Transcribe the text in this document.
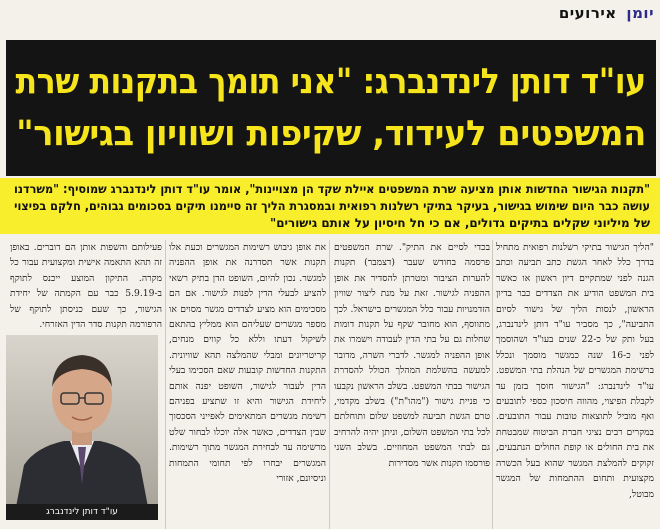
יומן אירועים
עו"ד דותן לינדנברג: "אני תומך בתקנות שרת
המשפטים לעידוד, שקיפות ושוויון בגישור"
"תקנות הגישור החדשות אותן מציעה שרת המשפטים איילת שקד הן מצויינות", אומר עו"ד דותן לינדנברג שמוסיף: "משרדנו
עושה כבר היום שימוש בגישור, בעיקר בתיקי רשלנות רפואית ובמסגרת הליך זה סיימנו תיקים בסכומים גבוהים, חלקם בפיצוי
של מיליוני שקלים בתיקים גדולים, אם כי חל חיסיון על אותם גישורים"

"הליך הגישור בתיקי רשלנות רפואית מתחיל בדרך כלל לאחר הגשת כתב תביעה וכתב הגנה לפני שמתקיים דיון ראשון או כאשר בית המשפט הודיע את הצדדים כבר בדיון הראשון, לנסות הליך של גישור לסיום התביעה", כך מסביר עו"ד דותן לינדנברג, בעל ותק של כ-22 שנים בעו"ד ושהוסמך לפני כ-16 שנה כמגשר מוסמך ונכלל ברשימת המגשרים של הנהלת בתי המשפט. עו"ד לינדנברג: "הגישור חוסך בזמן עד לקבלת הפיצוי, מהווה חיסכון כספי לתובעים ואף מוביל לתוצאות טובות עבור התובעים. במקרים רבים נציגי חברת הביטוח שמבטחת את בית החולים או קופת החולים הנתבעים, זקוקים להמלצת המגשר שהוא בעל הכשרה מקצועית ותחום ההתמחות של המגשר מבוטל,

בכדי לסיים את התיק". שרת המשפטים פרסמה בחודש שעבר (דצמבר) תקנות להערות הציבור ומטרתן להסדיר את אופן ההפניה לגישור. זאת על מנת ליצור שוויון הזדמנויות עבור כלל המגשרים בישראל. לכך מתווסף, הוא מחובר שקף על תקנות דומות שחלות גם על בתי הדין לעבודה וישמרו את אופן ההפניה למגשר. לדברי השרה, מדובר למעשה בהשלמת המהלך הכולל להסדרת הגישור בבתי המשפט. בשלב הראשון נקבעו כי פניית גישור ("מהו"ת") בשלב מקדמי, טרם הגשת תביעה למשפט שלום ותוחלתם לכל בתי המשפט השלום, וניתן יהיה להרחיב גם לבתי המשפט המחוזיים. בשלב השני פורסמו תקנות אשר מסדירות

את אופן גיבוש רשימות המגשרים וכעת אלו תקנות אשר תסדרנה את אופן ההפניה למגשר. נכון להיום, השופט הדן בתיק רשאי להציע לבעלי הדין לפנות לגישור. אם הם מסכימים הוא מציע לצדדים מגשר מסוים או מספר מגשרים שעליהם הוא ממליץ בהתאם לשיקול דעתו וללא כל קווים מנחים, קריטריונים ומבלי שהמלצה תהא שוויונית. התקנות החדשות קובעות שאם הסכימו בעלי הדין לעבור לגישור, השופט יפנה אותם ליחידת הגישור והיא זו שתציע בפניהם רשימת מגשרים המתאימים לאפייני הסכסוך שבין הצדדים, כאשר אלה יוכלו לבחור שלט מרשימה עד לבחירת המגשר מתוך רשימות. המגשרים יבחרו לפי תחומי התמחות וניסיונם, אזורי

פעילותם והשפות אותן הם דוברים. באופן זה תהא התאמה אישית ומקצועית עבור כל מקרה. התיקון המוצע ייכנס לתוקף ב-5.9.19 כבר עם הקמתה של יחידת הגישור, כך שעם כניסתן לתוקף של הרפורמה תקנות סדר הדין האזרחי.

עו"ד דותן לינדנברג
